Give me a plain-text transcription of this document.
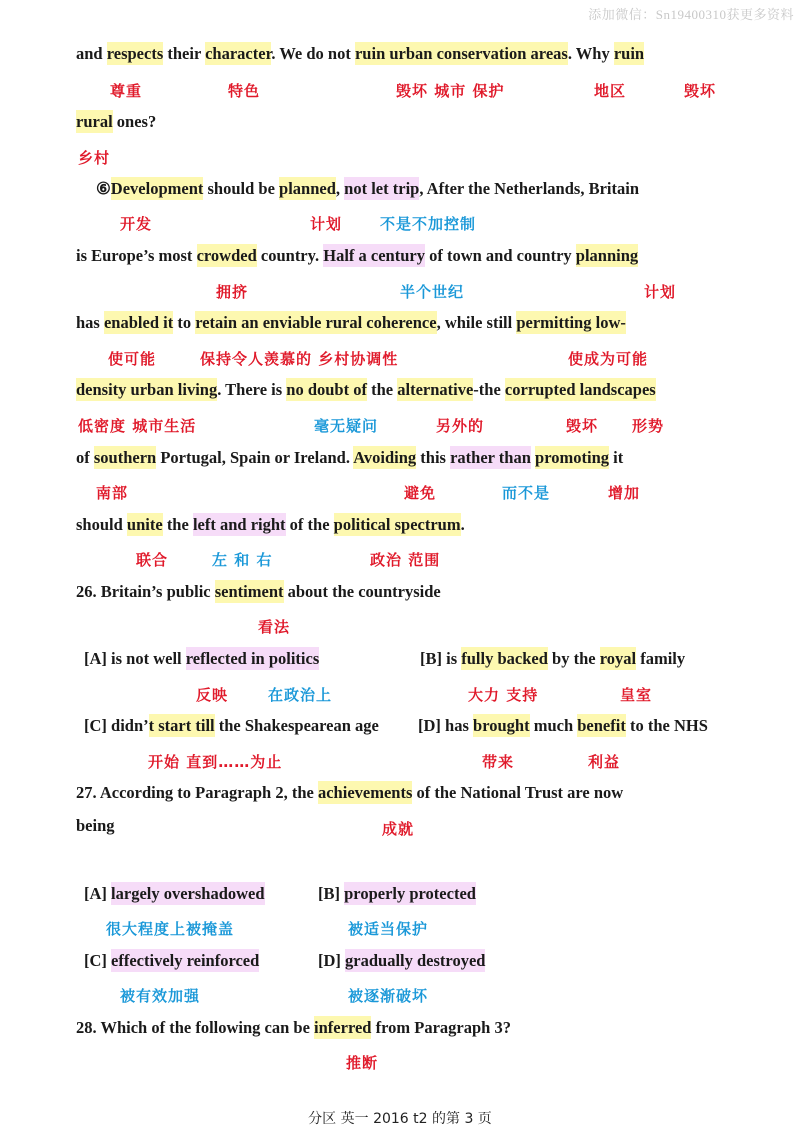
添加微信：Sn19400310获更多资料
and respects their character. We do not ruin urban conservation areas. Why ruin
尊重	特色	毁坏 城市 保护	地区	毁坏
rural ones?
乡村
⑥Development should be planned, not let trip, After the Netherlands, Britain
开发	计划	不是不加控制
is Europe’s most crowded country. Half a century of town and country planning
拥挤	半个世纪	计划
has enabled it to retain an enviable rural coherence, while still permitting low-
使可能	保持令人羡慕的 乡村协调性	使成为可能
density urban living. There is no doubt of the alternative-the corrupted landscapes
低密度 城市生活	毫无疑问	另外的	毁坏 形势
of southern Portugal, Spain or Ireland. Avoiding this rather than promoting it
南部	避免	而不是	增加
should unite the left and right of the political spectrum.
联合	左 和 右	政治 范围
26. Britain’s public sentiment about the countryside
看法
[A] is not well reflected in politics	[B] is fully backed by the royal family
反映	在政治上	大力 支持	皇室
[C] didn’t start till the Shakespearean age [D] has brought much benefit to the NHS
开始 直到……为止	带来	利益
27. According to Paragraph 2, the achievements of the National Trust are now
being	成就
[A] largely overshadowed	[B] properly protected
很大程度上被掩盖	被适当保护
[C] effectively reinforced	[D] gradually destroyed
被有效加强	被逐渐破坏
28. Which of the following can be inferred from Paragraph 3?
推断
分区 英一 2016 t2 的第 3 页
